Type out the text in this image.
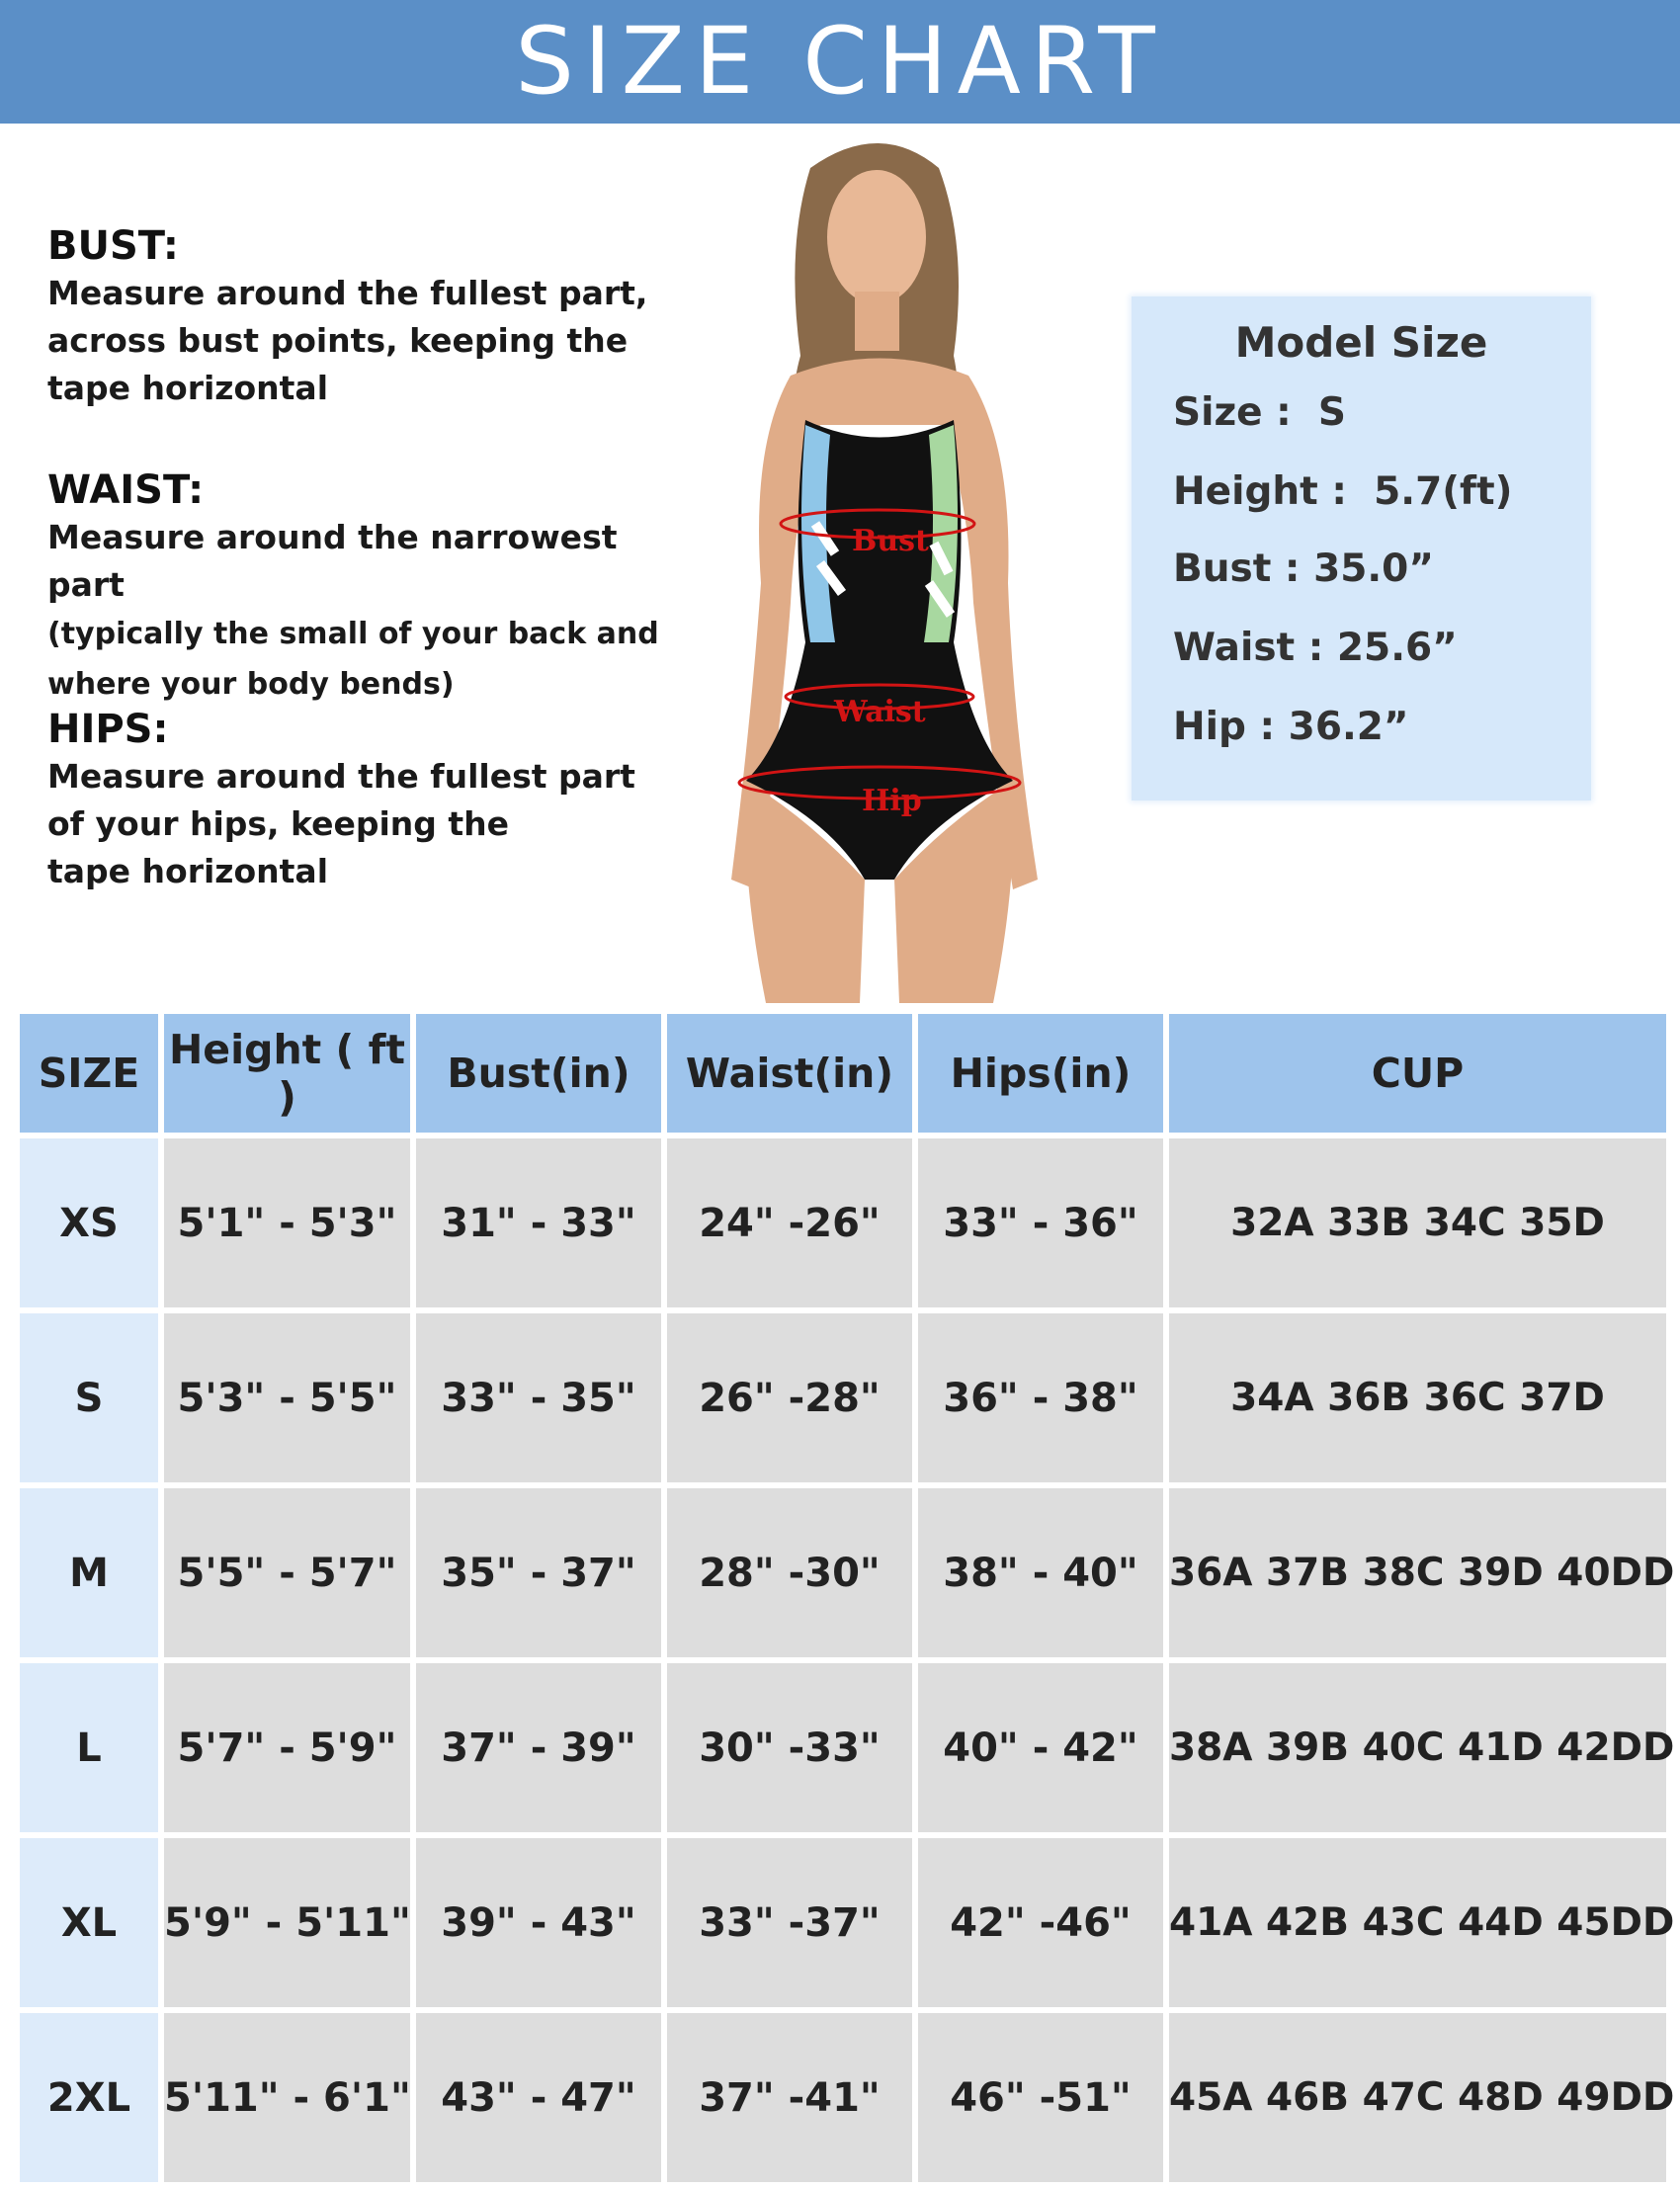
SIZE CHART
BUST:
Measure around the fullest part,
across bust points, keeping the
tape horizontal
WAIST:
Measure around the narrowest part
(typically the small of your back and
where your body bends)
HIPS:
Measure around the fullest part
of your hips, keeping the
tape horizontal
Bust
Waist
Hip
Model Size
Size :  S
Height :  5.7(ft)
Bust : 35.0”
Waist : 25.6”
Hip : 36.2”
SIZE	Height ( ft )	Bust(in)	Waist(in)	Hips(in)	CUP
XS	5'1" - 5'3"	31" - 33"	24" -26"	33" - 36"	32A 33B 34C 35D
S	5'3" - 5'5"	33" - 35"	26" -28"	36" - 38"	34A 36B 36C 37D
M	5'5" - 5'7"	35" - 37"	28" -30"	38" - 40"	36A 37B 38C 39D 40DD
L	5'7" - 5'9"	37" - 39"	30" -33"	40" - 42"	38A 39B 40C 41D 42DD
XL	5'9" - 5'11"	39" - 43"	33" -37"	42" -46"	41A 42B 43C 44D 45DD
2XL	5'11" - 6'1"	43" - 47"	37" -41"	46" -51"	45A 46B 47C 48D 49DD
